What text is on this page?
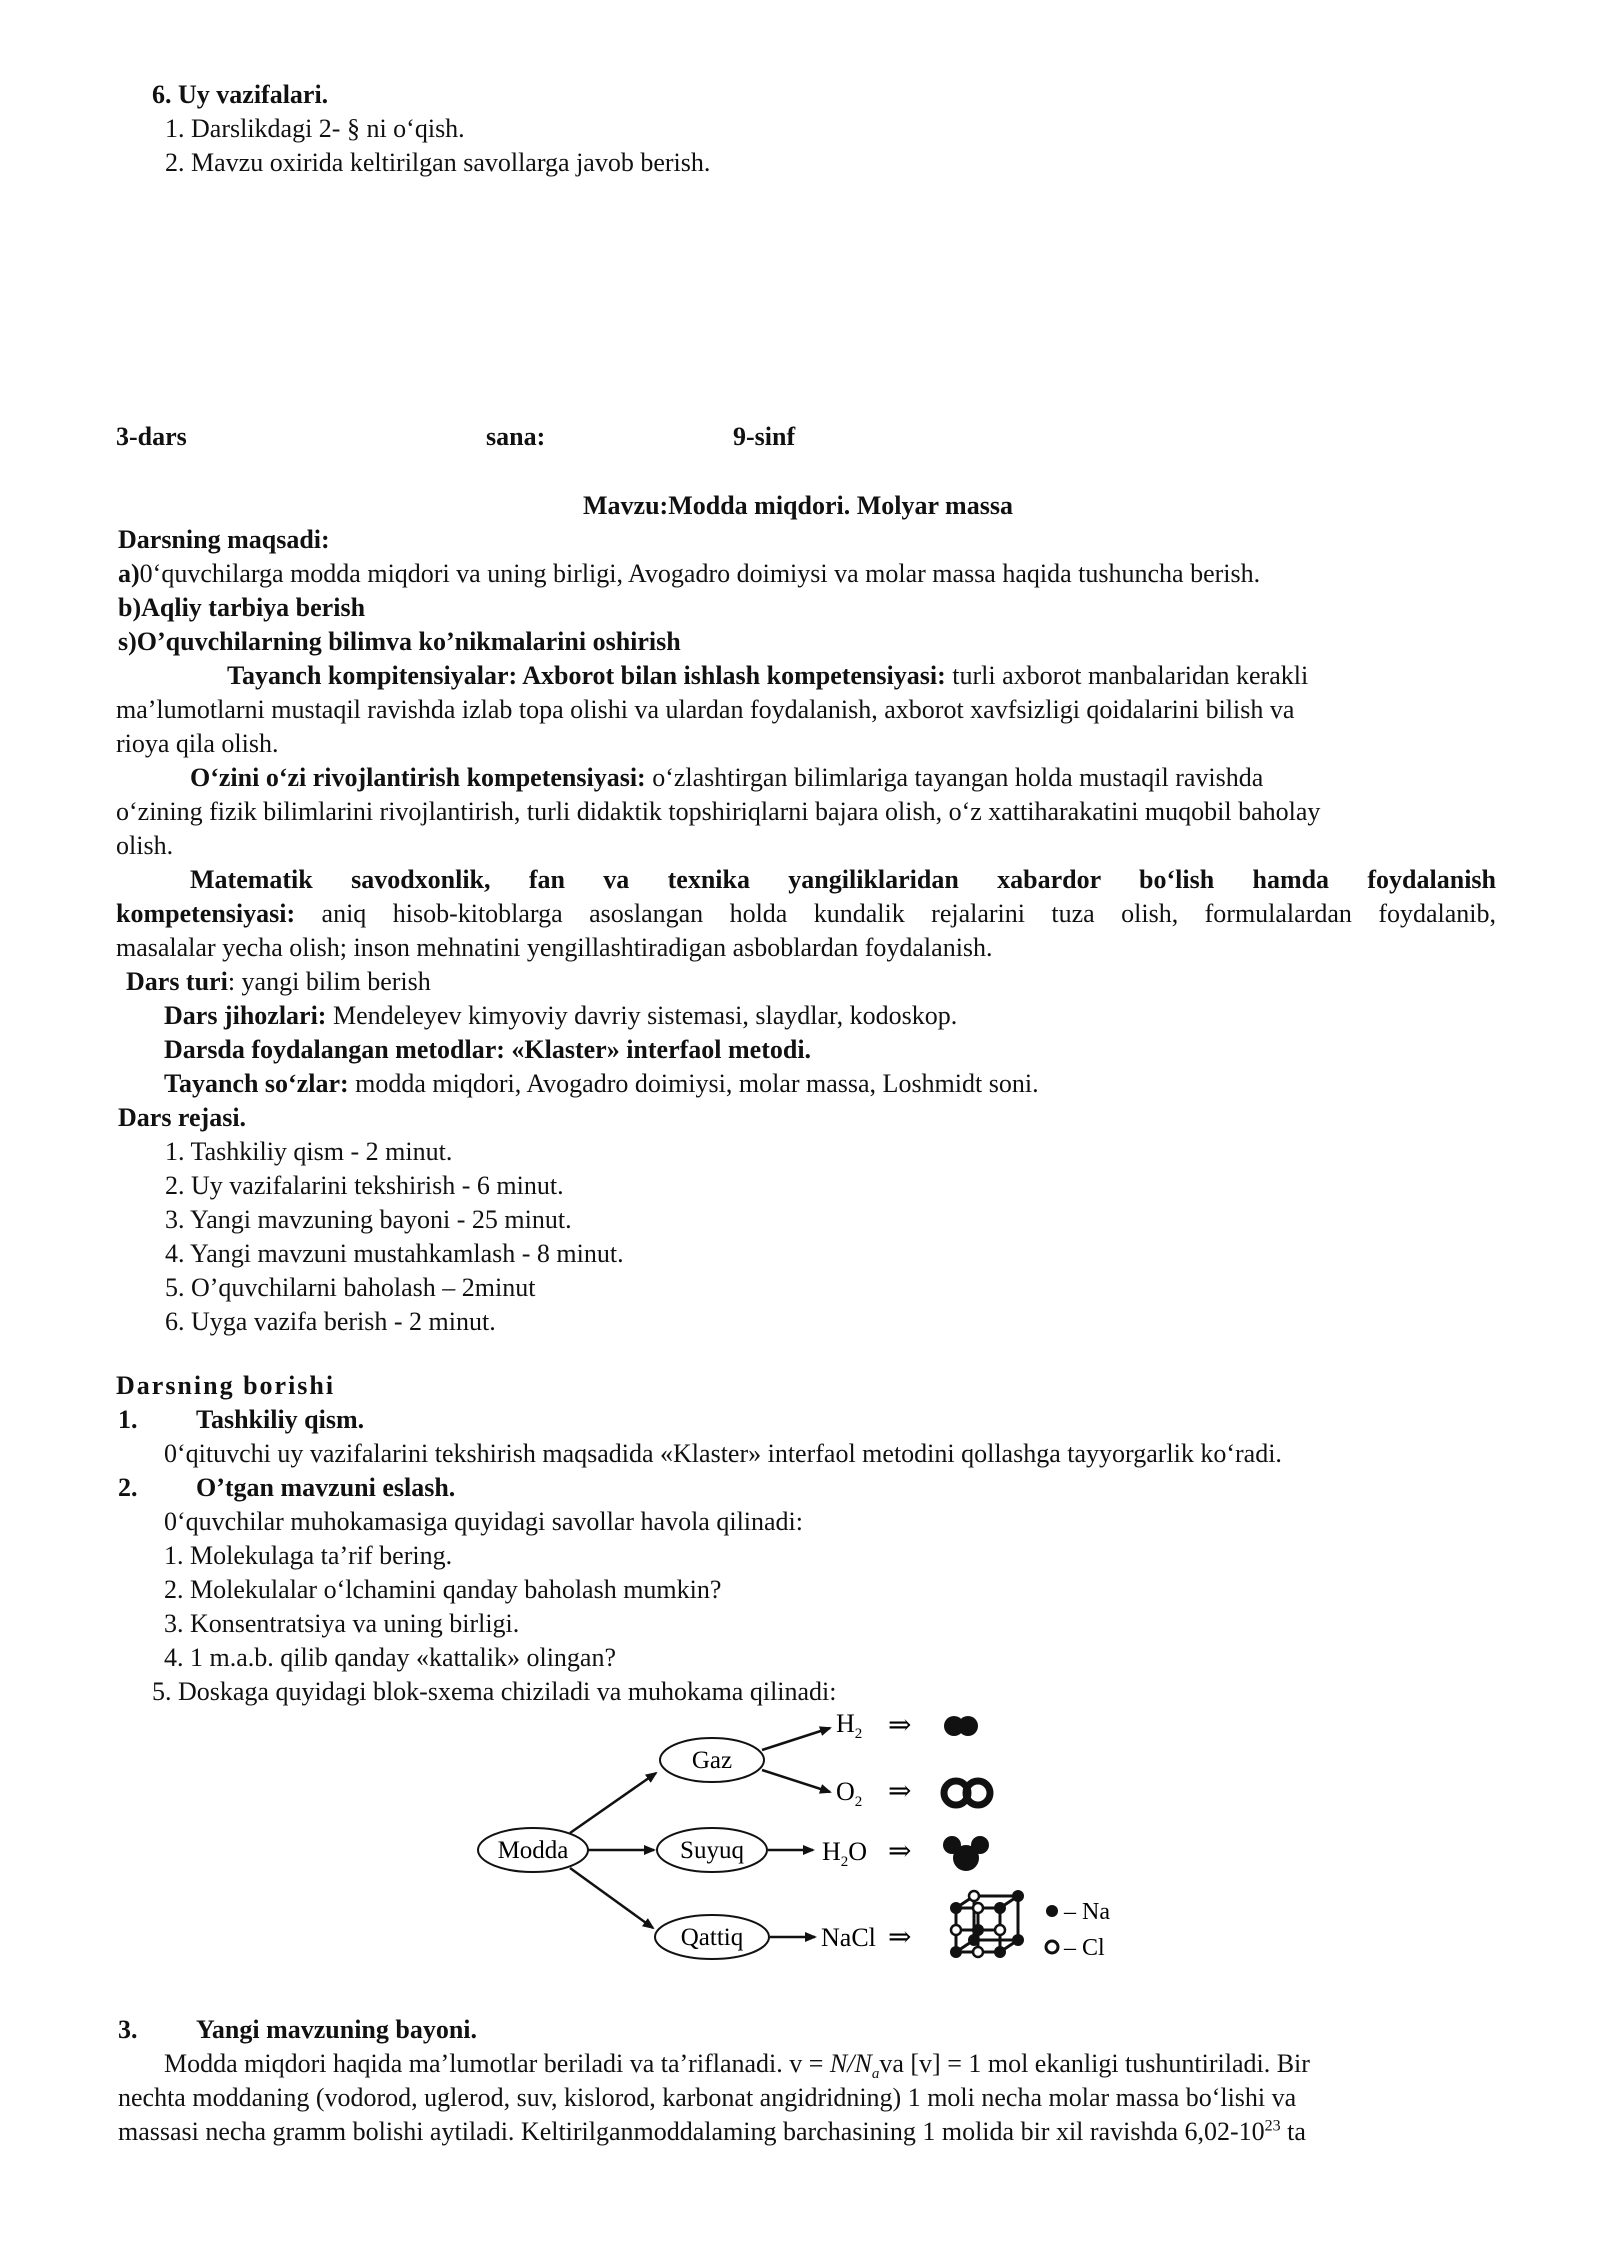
6. Uy vazifalari.
1. Darslikdagi 2- § ni o‘qish.
2. Mavzu oxirida keltirilgan savollarga javob berish.
3-dars	sana:	9-sinf
Mavzu:Modda miqdori. Molyar massa
Darsning maqsadi:
a)0‘quvchilarga modda miqdori va uning birligi, Avogadro doimiysi va molar massa haqida tushuncha berish.
b)Aqliy tarbiya berish
s)O’quvchilarning bilimva ko’nikmalarini oshirish
Tayanch kompitensiyalar: Axborot bilan ishlash kompetensiyasi: turli axborot manbalaridan kerakli
ma’lumotlarni mustaqil ravishda izlab topa olishi va ulardan foydalanish, axborot xavfsizligi qoidalarini bilish va
rioya qila olish.
O‘zini o‘zi rivojlantirish kompetensiyasi: o‘zlashtirgan bilimlariga tayangan holda mustaqil ravishda
o‘zining fizik bilimlarini rivojlantirish, turli didaktik topshiriqlarni bajara olish, o‘z xattiharakatini muqobil baholay
olish.
Matematik savodxonlik, fan va texnika yangiliklaridan xabardor bo‘lish hamda foydalanish
kompetensiyasi: aniq hisob-kitoblarga asoslangan holda kundalik rejalarini tuza olish, formulalardan foydalanib,
masalalar yecha olish; inson mehnatini yengillashtiradigan asboblardan foydalanish.
Dars turi: yangi bilim berish
Dars jihozlari: Mendeleyev kimyoviy davriy sistemasi, slaydlar, kodoskop.
Darsda foydalangan metodlar: «Klaster» interfaol metodi.
Tayanch so‘zlar: modda miqdori, Avogadro doimiysi, molar massa, Loshmidt soni.
Dars rejasi.
1. Tashkiliy qism - 2 minut.
2. Uy vazifalarini tekshirish - 6 minut.
3. Yangi mavzuning bayoni - 25 minut.
4. Yangi mavzuni mustahkamlash - 8 minut.
5. O’quvchilarni baholash – 2minut
6. Uyga vazifa berish - 2 minut.
Darsning borishi
1. Tashkiliy qism.
0‘qituvchi uy vazifalarini tekshirish maqsadida «Klaster» interfaol metodini qollashga tayyorgarlik ko‘radi.
2. O’tgan mavzuni eslash.
0‘quvchilar muhokamasiga quyidagi savollar havola qilinadi:
1. Molekulaga ta’rif bering.
2. Molekulalar o‘lchamini qanday baholash mumkin?
3. Konsentratsiya va uning birligi.
4. 1 m.a.b. qilib qanday «kattalik» olingan?
5. Doskaga quyidagi blok-sxema chiziladi va muhokama qilinadi:
Modda
Gaz
Suyuq
Qattiq
$H_2$ ⇒
$O_2$ ⇒
$H_2O$ ⇒
NaCl ⇒
– Na
– Cl
3. Yangi mavzuning bayoni.
Modda miqdori haqida ma’lumotlar beriladi va ta’riflanadi. $v = N/N_ava$ [v] = 1 mol ekanligi tushuntiriladi. Bir
nechta moddaning (vodorod, uglerod, suv, kislorod, karbonat angidridning) 1 moli necha molar massa bo‘lishi va
massasi necha gramm bolishi aytiladi. Keltirilganmoddalaming barchasining 1 molida bir xil ravishda $6,02-10^{23}$ ta
